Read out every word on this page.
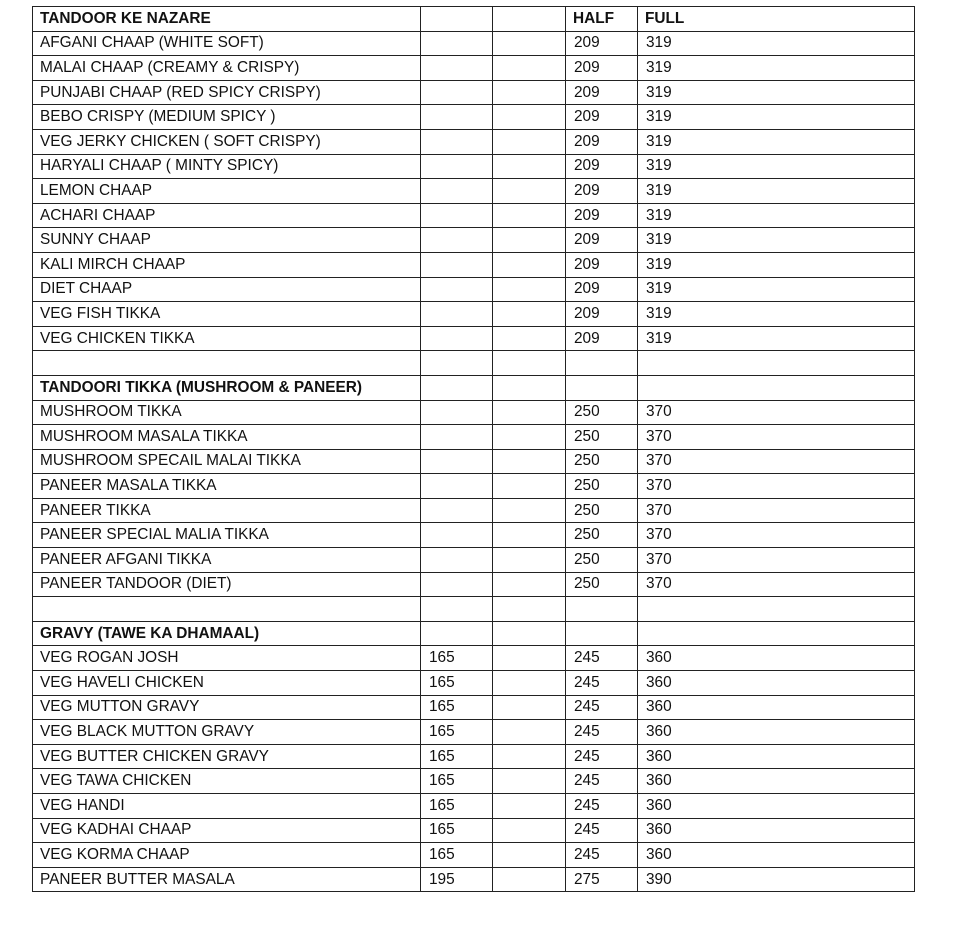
TANDOOR KE NAZARE			HALF	FULL
AFGANI CHAAP (WHITE SOFT)			209	319
MALAI CHAAP (CREAMY & CRISPY)			209	319
PUNJABI CHAAP (RED SPICY CRISPY)			209	319
BEBO CRISPY (MEDIUM SPICY )			209	319
VEG JERKY CHICKEN ( SOFT CRISPY)			209	319
HARYALI CHAAP ( MINTY SPICY)			209	319
LEMON CHAAP			209	319
ACHARI CHAAP			209	319
SUNNY CHAAP			209	319
KALI MIRCH CHAAP			209	319
DIET CHAAP			209	319
VEG FISH TIKKA			209	319
VEG CHICKEN TIKKA			209	319

TANDOORI TIKKA (MUSHROOM & PANEER)				
MUSHROOM TIKKA			250	370
MUSHROOM MASALA TIKKA			250	370
MUSHROOM SPECAIL MALAI TIKKA			250	370
PANEER MASALA TIKKA			250	370
PANEER TIKKA			250	370
PANEER SPECIAL MALIA TIKKA			250	370
PANEER AFGANI TIKKA			250	370
PANEER TANDOOR (DIET)			250	370

GRAVY (TAWE KA DHAMAAL)				
VEG ROGAN JOSH	165		245	360
VEG HAVELI CHICKEN	165		245	360
VEG MUTTON GRAVY	165		245	360
VEG BLACK MUTTON GRAVY	165		245	360
VEG BUTTER CHICKEN GRAVY	165		245	360
VEG TAWA CHICKEN	165		245	360
VEG HANDI	165		245	360
VEG KADHAI CHAAP	165		245	360
VEG KORMA CHAAP	165		245	360
PANEER BUTTER MASALA	195		275	390
